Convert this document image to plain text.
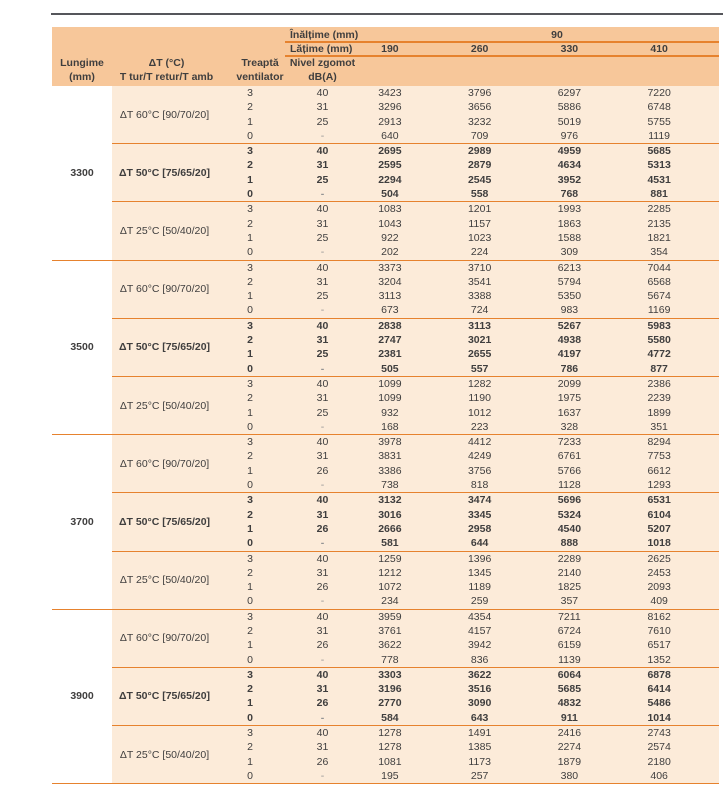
Înălțime (mm)	90
Lățime (mm)	190	260	330	410
Lungime
(mm)
ΔT (°C)
T tur/T retur/T amb
Treaptă
ventilator
Nivel zgomot
dB(A)
3300
ΔT 60°C [90/70/20]
3	40	3423	3796	6297	7220
2	31	3296	3656	5886	6748
1	25	2913	3232	5019	5755
0	-	640	709	976	1119
ΔT 50°C [75/65/20]
3	40	2695	2989	4959	5685
2	31	2595	2879	4634	5313
1	25	2294	2545	3952	4531
0	-	504	558	768	881
ΔT 25°C [50/40/20]
3	40	1083	1201	1993	2285
2	31	1043	1157	1863	2135
1	25	922	1023	1588	1821
0	-	202	224	309	354
3500
ΔT 60°C [90/70/20]
3	40	3373	3710	6213	7044
2	31	3204	3541	5794	6568
1	25	3113	3388	5350	5674
0	-	673	724	983	1169
ΔT 50°C [75/65/20]
3	40	2838	3113	5267	5983
2	31	2747	3021	4938	5580
1	25	2381	2655	4197	4772
0	-	505	557	786	877
ΔT 25°C [50/40/20]
3	40	1099	1282	2099	2386
2	31	1099	1190	1975	2239
1	25	932	1012	1637	1899
0	-	168	223	328	351
3700
ΔT 60°C [90/70/20]
3	40	3978	4412	7233	8294
2	31	3831	4249	6761	7753
1	26	3386	3756	5766	6612
0	-	738	818	1128	1293
ΔT 50°C [75/65/20]
3	40	3132	3474	5696	6531
2	31	3016	3345	5324	6104
1	26	2666	2958	4540	5207
0	-	581	644	888	1018
ΔT 25°C [50/40/20]
3	40	1259	1396	2289	2625
2	31	1212	1345	2140	2453
1	26	1072	1189	1825	2093
0	-	234	259	357	409
3900
ΔT 60°C [90/70/20]
3	40	3959	4354	7211	8162
2	31	3761	4157	6724	7610
1	26	3622	3942	6159	6517
0	-	778	836	1139	1352
ΔT 50°C [75/65/20]
3	40	3303	3622	6064	6878
2	31	3196	3516	5685	6414
1	26	2770	3090	4832	5486
0	-	584	643	911	1014
ΔT 25°C [50/40/20]
3	40	1278	1491	2416	2743
2	31	1278	1385	2274	2574
1	26	1081	1173	1879	2180
0	-	195	257	380	406
